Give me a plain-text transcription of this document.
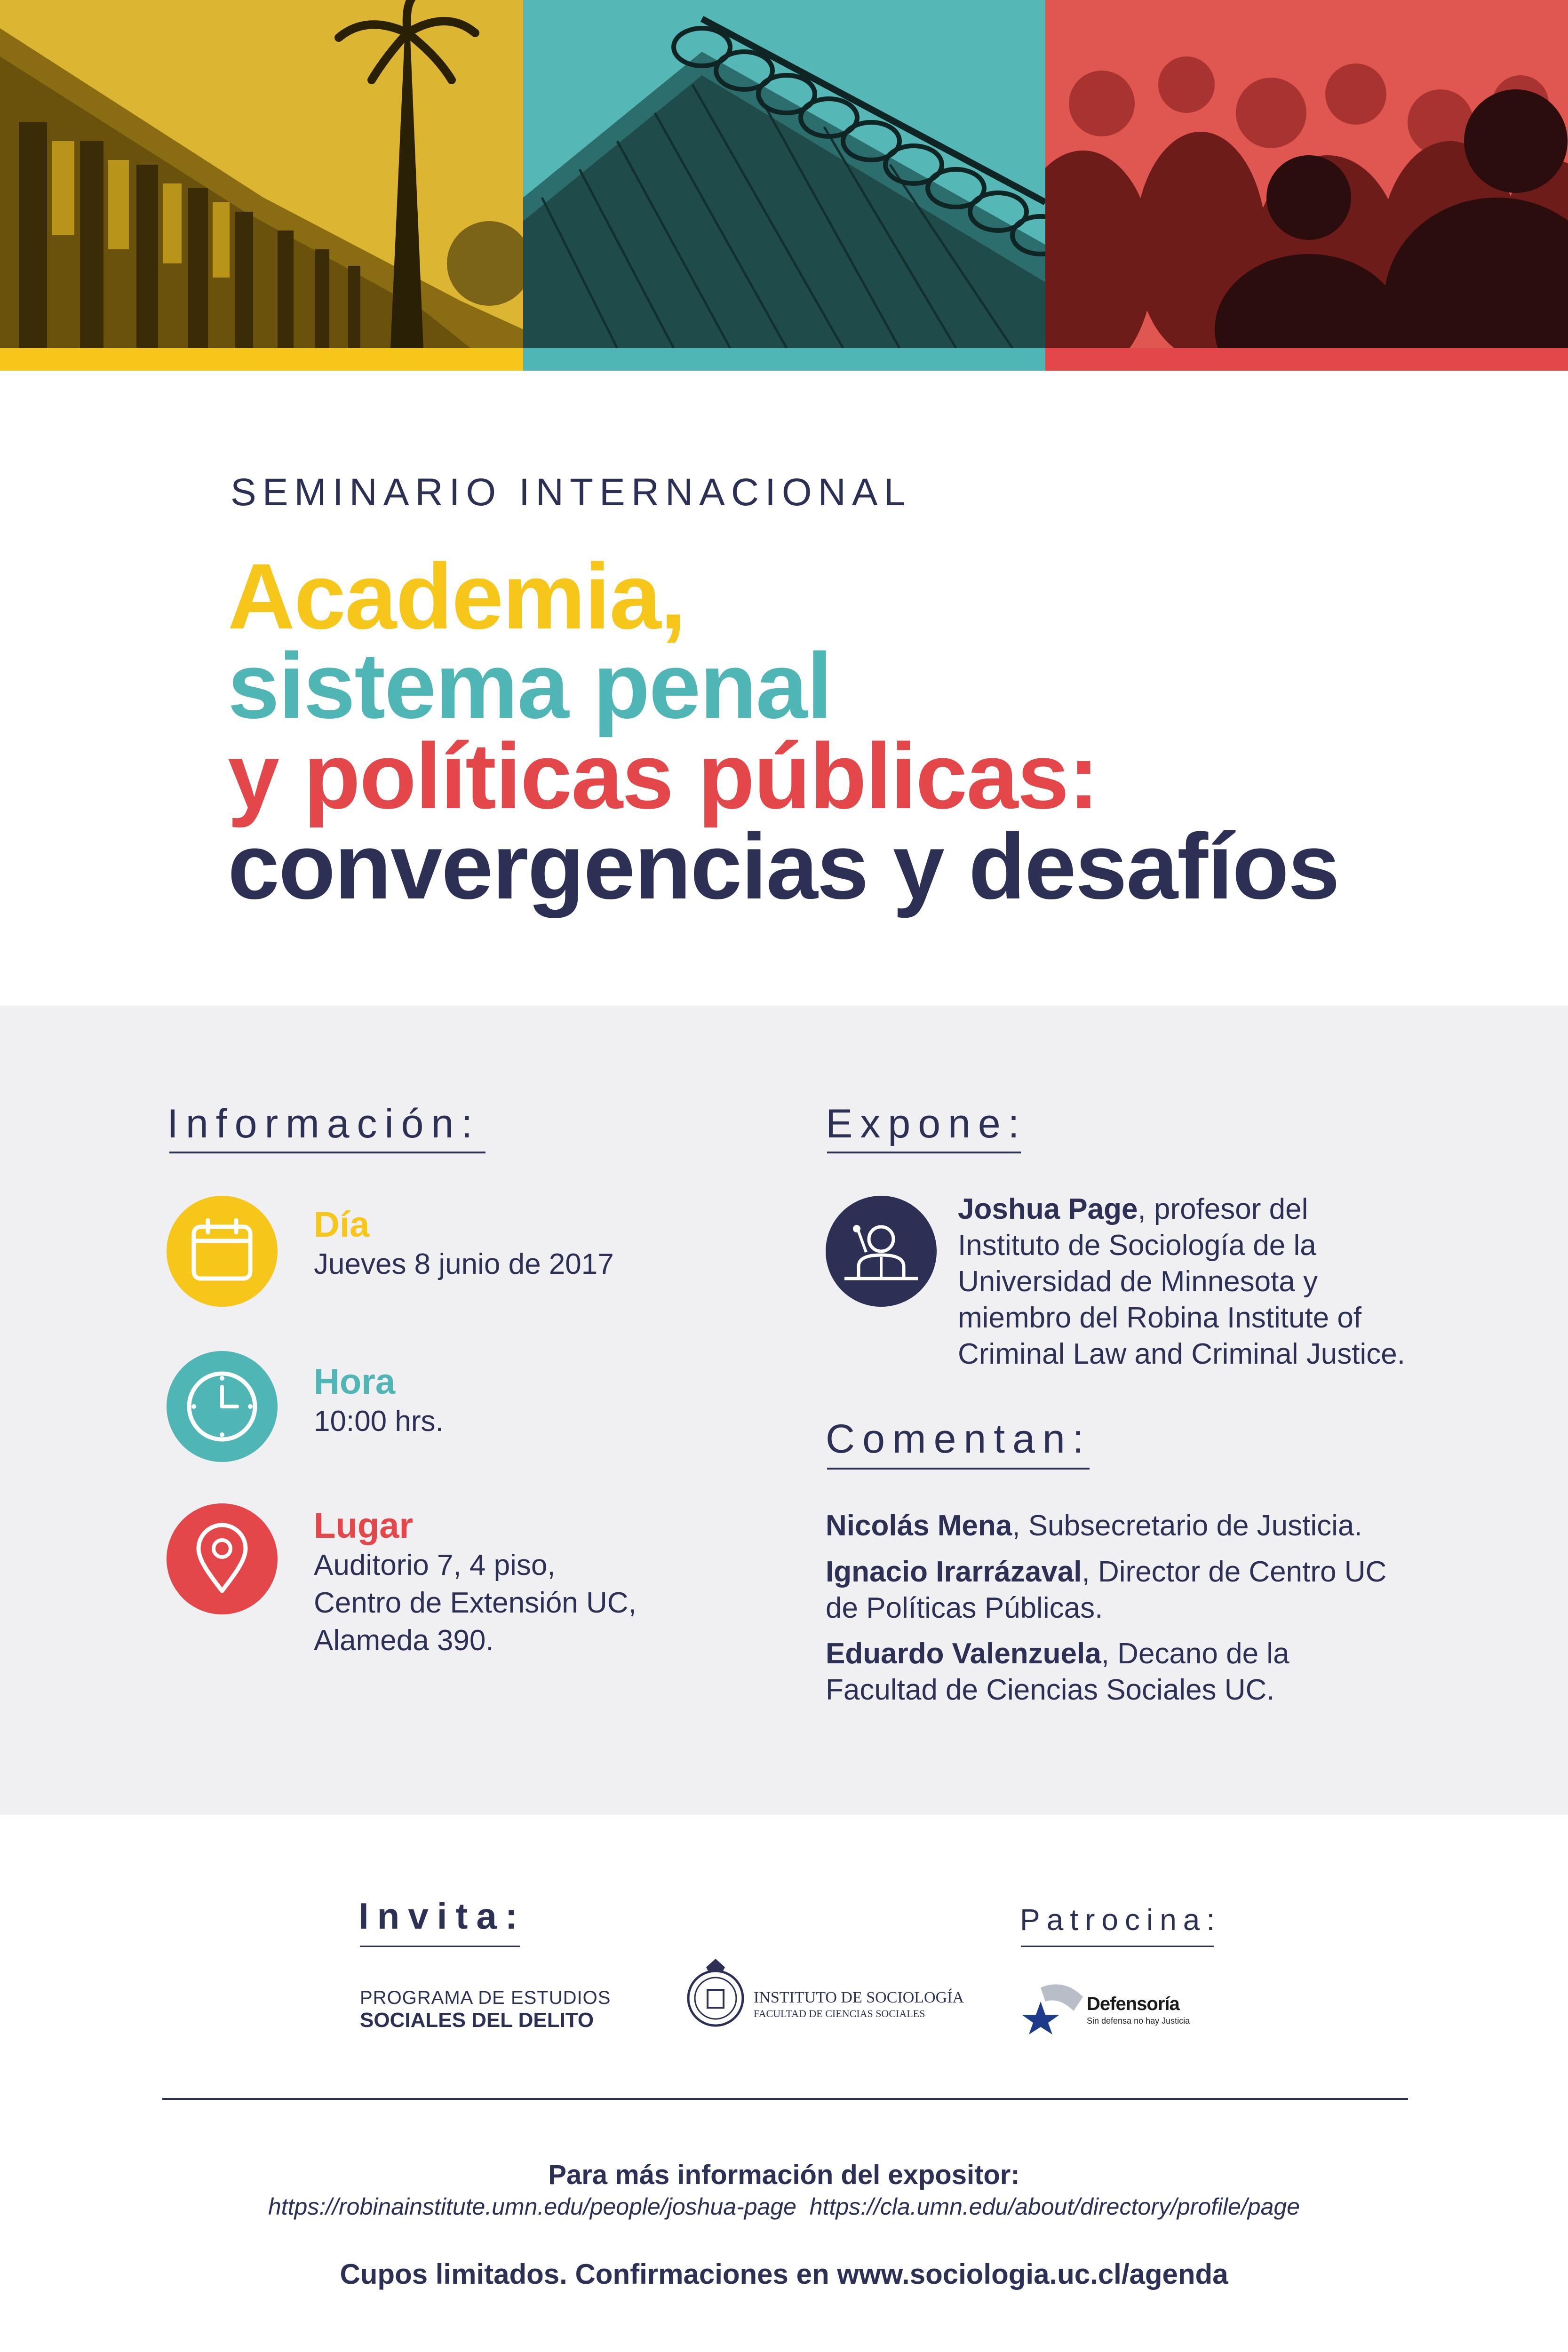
SEMINARIO INTERNACIONAL
Academia,
sistema penal
y políticas públicas:
convergencias y desafíos
Información:
Día
Jueves 8 junio de 2017
Hora
10:00 hrs.
Lugar
Auditorio 7, 4 piso,
Centro de Extensión UC,
Alameda 390.
Expone:
Joshua Page, profesor del
Instituto de Sociología de la
Universidad de Minnesota y
miembro del Robina Institute of
Criminal Law and Criminal Justice.
Comentan:
Nicolás Mena, Subsecretario de Justicia.
Ignacio Irarrázaval, Director de Centro UC
de Políticas Públicas.
Eduardo Valenzuela, Decano de la
Facultad de Ciencias Sociales UC.
Invita:	Patrocina:
PROGRAMA DE ESTUDIOS
SOCIALES DEL DELITO
INSTITUTO DE SOCIOLOGÍA
FACULTAD DE CIENCIAS SOCIALES	Defensoría
Sin defensa no hay Justicia
Para más información del expositor:
https://robinainstitute.umn.edu/people/joshua-page https://cla.umn.edu/about/directory/profile/page
Cupos limitados. Confirmaciones en www.sociologia.uc.cl/agenda
